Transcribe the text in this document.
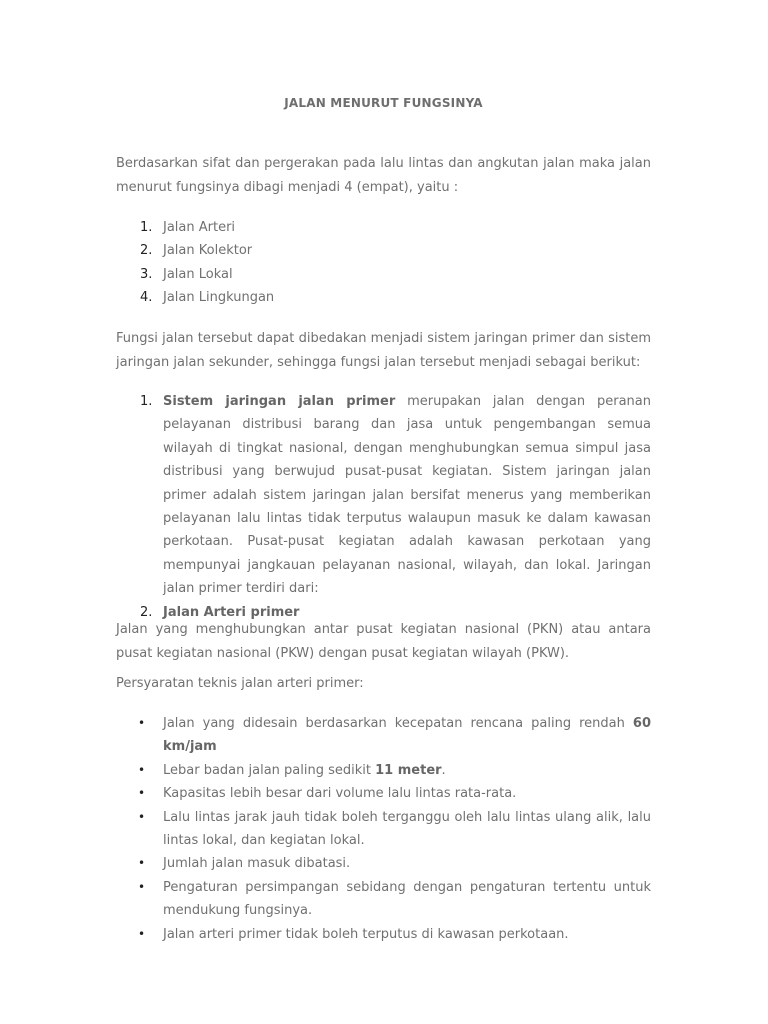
JALAN MENURUT FUNGSINYA

Berdasarkan sifat dan pergerakan pada lalu lintas dan angkutan jalan maka jalan menurut fungsinya dibagi menjadi 4 (empat), yaitu :

1. Jalan Arteri
2. Jalan Kolektor
3. Jalan Lokal
4. Jalan Lingkungan

Fungsi jalan tersebut dapat dibedakan menjadi sistem jaringan primer dan sistem jaringan jalan sekunder, sehingga fungsi jalan tersebut menjadi sebagai berikut:

1. Sistem jaringan jalan primer merupakan jalan dengan peranan pelayanan distribusi barang dan jasa untuk pengembangan semua wilayah di tingkat nasional, dengan menghubungkan semua simpul jasa distribusi yang berwujud pusat-pusat kegiatan. Sistem jaringan jalan primer adalah sistem jaringan jalan bersifat menerus yang memberikan pelayanan lalu lintas tidak terputus walaupun masuk ke dalam kawasan perkotaan. Pusat-pusat kegiatan adalah kawasan perkotaan yang mempunyai jangkauan pelayanan nasional, wilayah, dan lokal. Jaringan jalan primer terdiri dari:
2. Jalan Arteri primer

Jalan yang menghubungkan antar pusat kegiatan nasional (PKN) atau antara pusat kegiatan nasional (PKW) dengan pusat kegiatan wilayah (PKW).

Persyaratan teknis jalan arteri primer:

• Jalan yang didesain berdasarkan kecepatan rencana paling rendah 60 km/jam
• Lebar badan jalan paling sedikit 11 meter.
• Kapasitas lebih besar dari volume lalu lintas rata-rata.
• Lalu lintas jarak jauh tidak boleh terganggu oleh lalu lintas ulang alik, lalu lintas lokal, dan kegiatan lokal.
• Jumlah jalan masuk dibatasi.
• Pengaturan persimpangan sebidang dengan pengaturan tertentu untuk mendukung fungsinya.
• Jalan arteri primer tidak boleh terputus di kawasan perkotaan.
